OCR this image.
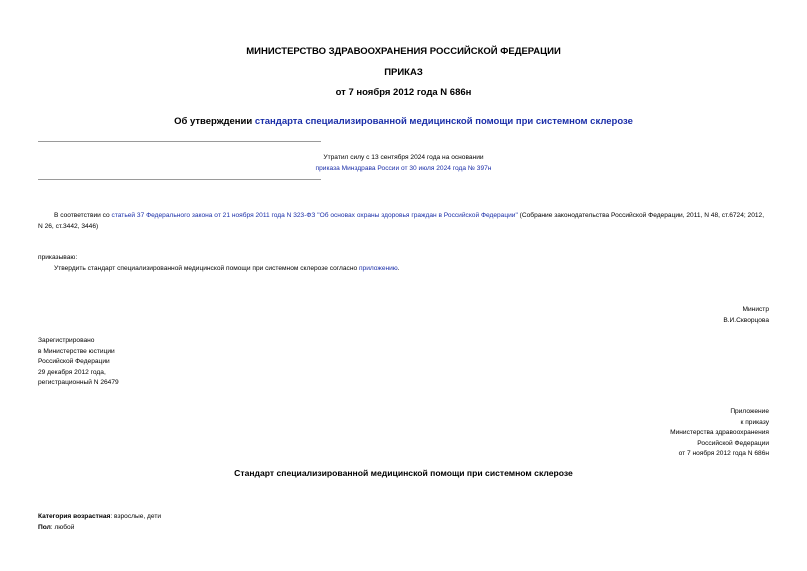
МИНИСТЕРСТВО ЗДРАВООХРАНЕНИЯ РОССИЙСКОЙ ФЕДЕРАЦИИ
ПРИКАЗ
от 7 ноября 2012 года N 686н
Об утверждении стандарта специализированной медицинской помощи при системном склерозе
Утратил силу с 13 сентября 2024 года на основании
приказа Минздрава России от 30 июля 2024 года № 397н
В соответствии со статьей 37 Федерального закона от 21 ноября 2011 года N 323-ФЗ "Об основах охраны здоровья граждан в Российской Федерации" (Собрание законодательства Российской Федерации, 2011, N 48, ст.6724; 2012, N 26, ст.3442, 3446)
приказываю:
Утвердить стандарт специализированной медицинской помощи при системном склерозе согласно приложению.
Министр
В.И.Скворцова
Зарегистрировано
в Министерстве юстиции
Российской Федерации
29 декабря 2012 года,
регистрационный N 26479
Приложение
к приказу
Министерства здравоохранения
Российской Федерации
от 7 ноября 2012 года N 686н
Стандарт специализированной медицинской помощи при системном склерозе
Категория возрастная: взрослые, дети
Пол: любой
